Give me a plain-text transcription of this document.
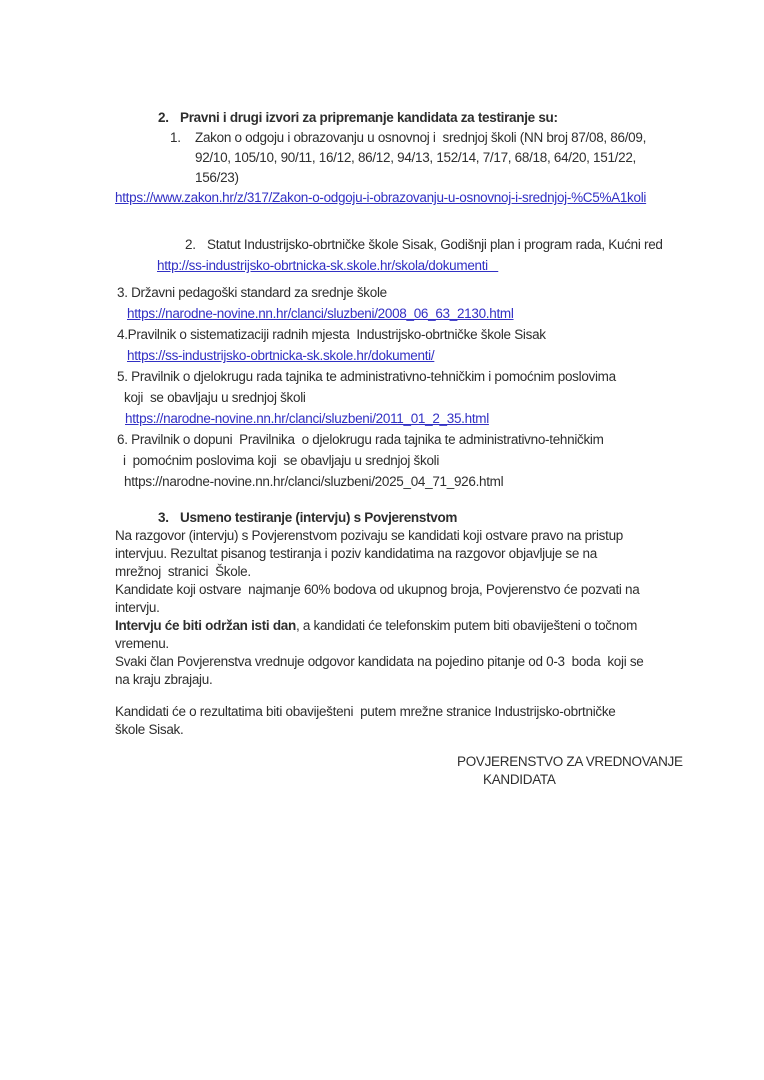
2. Pravni i drugi izvori za pripremanje kandidata za testiranje su:
1. Zakon o odgoju i obrazovanju u osnovnoj i  srednjoj školi (NN broj 87/08, 86/09,
92/10, 105/10, 90/11, 16/12, 86/12, 94/13, 152/14, 7/17, 68/18, 64/20, 151/22,
156/23)
https://www.zakon.hr/z/317/Zakon-o-odgoju-i-obrazovanju-u-osnovnoj-i-srednjoj-%C5%A1koli
2. Statut Industrijsko-obrtničke škole Sisak, Godišnji plan i program rada, Kućni red
http://ss-industrijsko-obrtnicka-sk.skole.hr/skola/dokumenti
3. Državni pedagoški standard za srednje škole
https://narodne-novine.nn.hr/clanci/sluzbeni/2008_06_63_2130.html
4.Pravilnik o sistematizaciji radnih mjesta  Industrijsko-obrtničke škole Sisak
https://ss-industrijsko-obrtnicka-sk.skole.hr/dokumenti/
5. Pravilnik o djelokrugu rada tajnika te administrativno-tehničkim i pomoćnim poslovima
koji  se obavljaju u srednjoj školi
https://narodne-novine.nn.hr/clanci/sluzbeni/2011_01_2_35.html
6. Pravilnik o dopuni  Pravilnika  o djelokrugu rada tajnika te administrativno-tehničkim
i  pomoćnim poslovima koji  se obavljaju u srednjoj školi
https://narodne-novine.nn.hr/clanci/sluzbeni/2025_04_71_926.html
3. Usmeno testiranje (intervju) s Povjerenstvom
Na razgovor (intervju) s Povjerenstvom pozivaju se kandidati koji ostvare pravo na pristup
intervjuu. Rezultat pisanog testiranja i poziv kandidatima na razgovor objavljuje se na
mrežnoj  stranici  Škole.
Kandidate koji ostvare  najmanje 60% bodova od ukupnog broja, Povjerenstvo će pozvati na
intervju.
Intervju će biti održan isti dan, a kandidati će telefonskim putem biti obaviješteni o točnom
vremenu.
Svaki član Povjerenstva vrednuje odgovor kandidata na pojedino pitanje od 0-3  boda  koji se
na kraju zbrajaju.
Kandidati će o rezultatima biti obaviješteni  putem mrežne stranice Industrijsko-obrtničke
škole Sisak.
POVJERENSTVO ZA VREDNOVANJE
KANDIDATA
